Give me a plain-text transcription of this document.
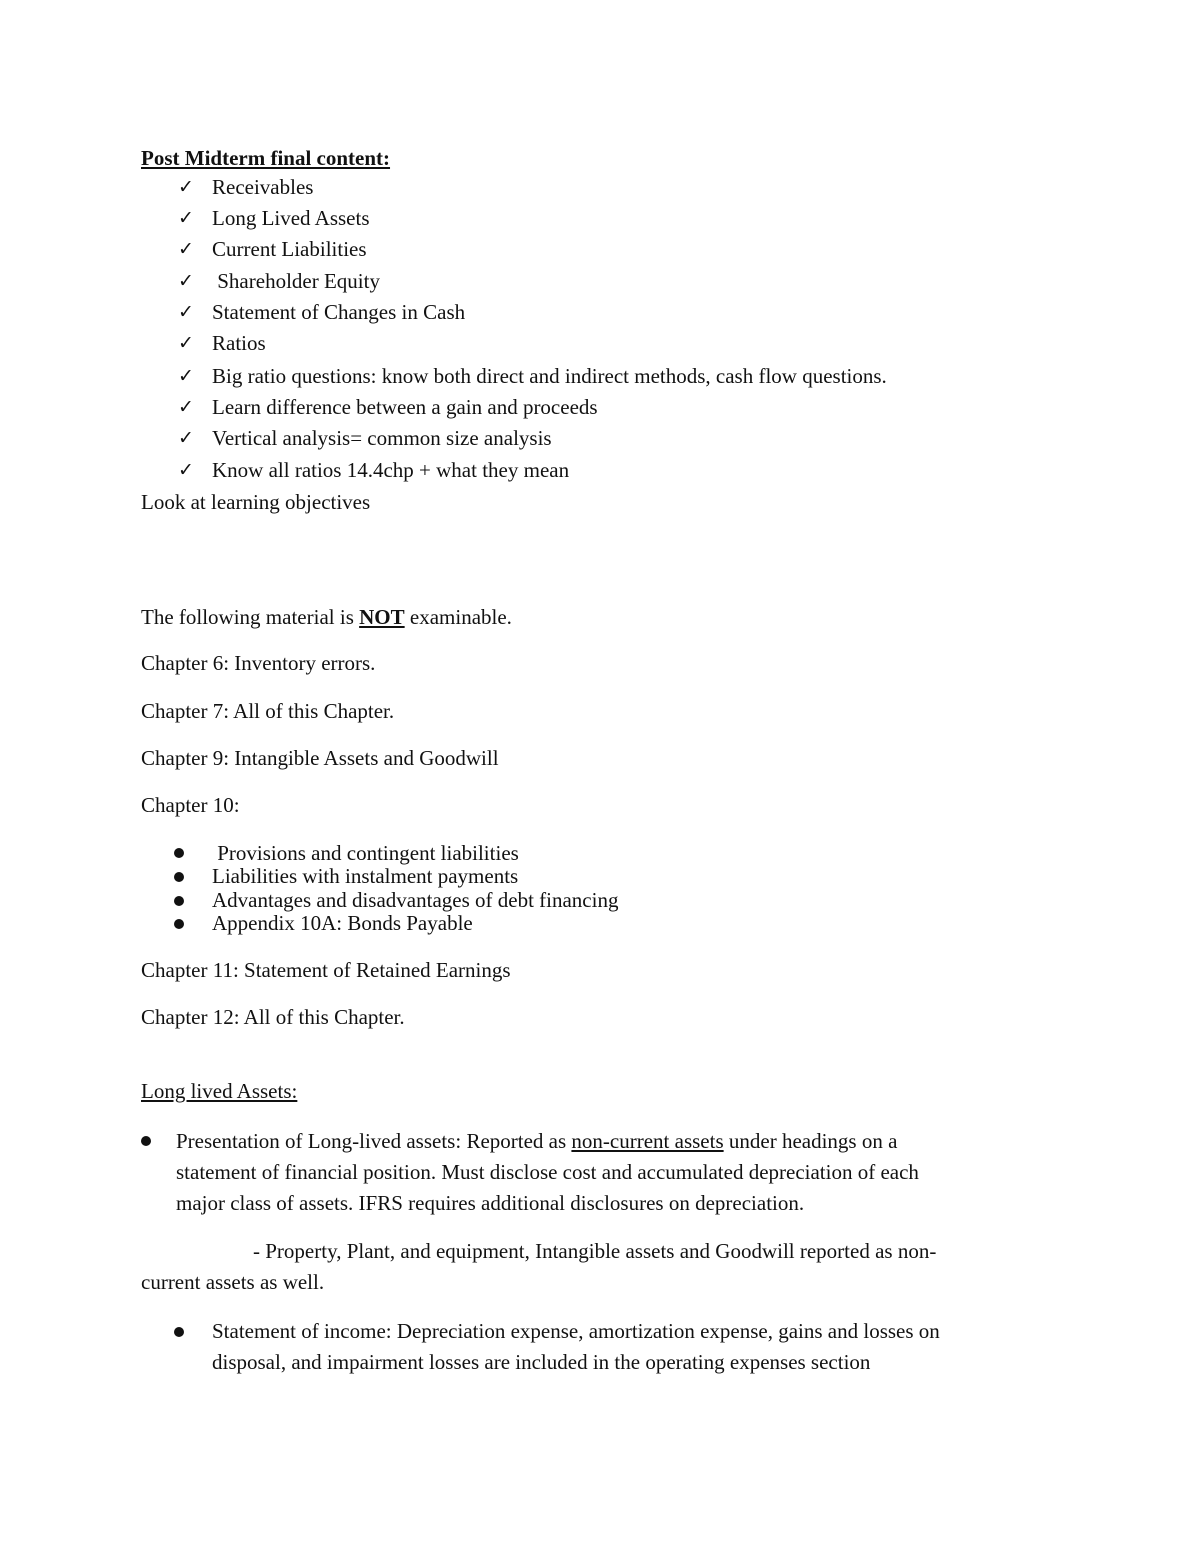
Post Midterm final content:
✓ Receivables
✓ Long Lived Assets
✓ Current Liabilities
✓ Shareholder Equity
✓ Statement of Changes in Cash
✓ Ratios
✓ Big ratio questions: know both direct and indirect methods, cash flow questions.
✓ Learn difference between a gain and proceeds
✓ Vertical analysis= common size analysis
✓ Know all ratios 14.4chp + what they mean
Look at learning objectives
The following material is NOT examinable.
Chapter 6: Inventory errors.
Chapter 7: All of this Chapter.
Chapter 9: Intangible Assets and Goodwill
Chapter 10:
Provisions and contingent liabilities
Liabilities with instalment payments
Advantages and disadvantages of debt financing
Appendix 10A: Bonds Payable
Chapter 11: Statement of Retained Earnings
Chapter 12: All of this Chapter.
Long lived Assets:
Presentation of Long-lived assets: Reported as non-current assets under headings on a
statement of financial position. Must disclose cost and accumulated depreciation of each
major class of assets. IFRS requires additional disclosures on depreciation.
- Property, Plant, and equipment, Intangible assets and Goodwill reported as non-
current assets as well.
Statement of income: Depreciation expense, amortization expense, gains and losses on
disposal, and impairment losses are included in the operating expenses section
